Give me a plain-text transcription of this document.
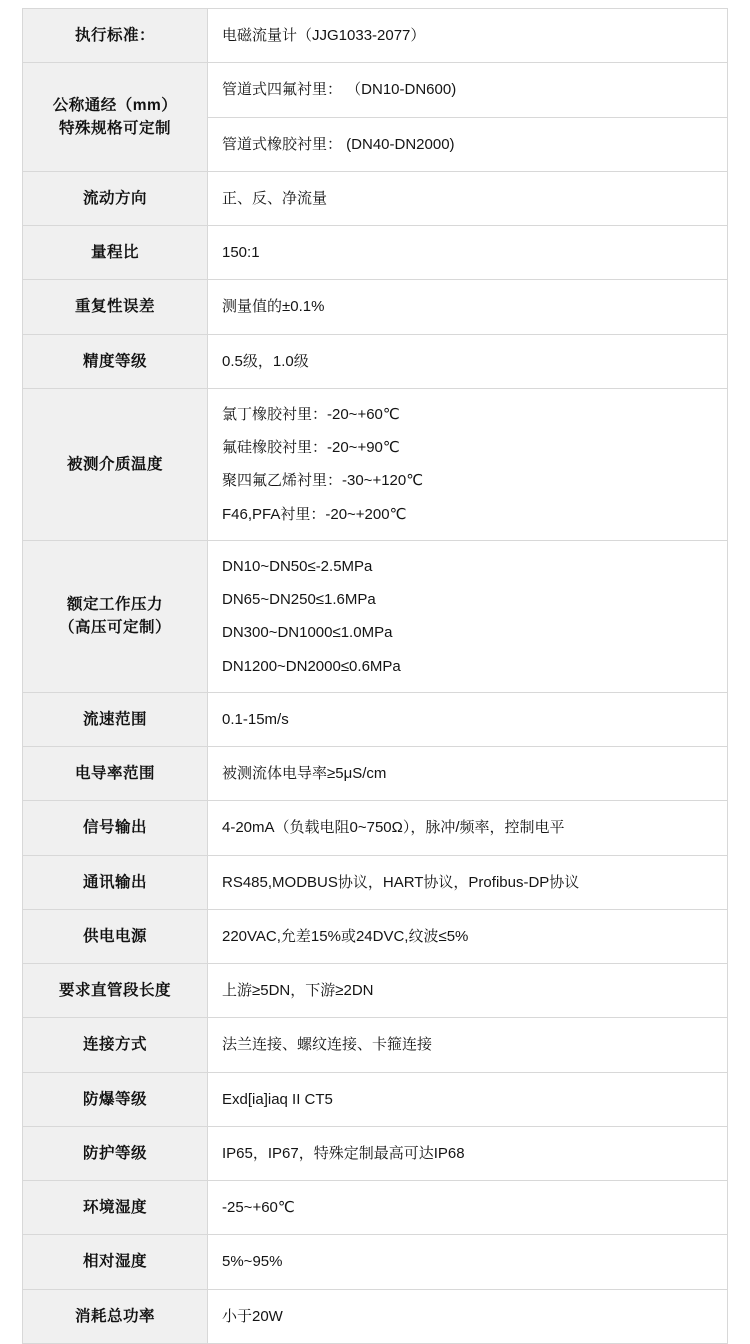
执行标准：	电磁流量计（JJG1033-2077）

公称通经（mm）
特殊规格可定制	管道式四氟衬里： （DN10-DN600)

	管道式橡胶衬里： (DN40-DN2000)

流动方向	正、反、净流量

量程比	150:1

重复性误差	测量值的±0.1%

精度等级	0.5级，1.0级

被测介质温度	氯丁橡胶衬里：-20~+60℃
氟硅橡胶衬里：-20~+90℃
聚四氟乙烯衬里：-30~+120℃
F46,PFA衬里：-20~+200℃

额定工作压力
（高压可定制）	DN10~DN50≤-2.5MPa
DN65~DN250≤1.6MPa
DN300~DN1000≤1.0MPa
DN1200~DN2000≤0.6MPa

流速范围	0.1-15m/s

电导率范围	被测流体电导率≥5μS/cm

信号输出	4-20mA（负载电阻0~750Ω），脉冲/频率，控制电平

通讯输出	RS485,MODBUS协议，HART协议，Profibus-DP协议

供电电源	220VAC,允差15%或24DVC,纹波≤5%

要求直管段长度	上游≥5DN，下游≥2DN

连接方式	法兰连接、螺纹连接、卡箍连接

防爆等级	Exd[ia]iaq II CT5

防护等级	IP65，IP67，特殊定制最高可达IP68

环境湿度	-25~+60℃

相对湿度	5%~95%

消耗总功率	小于20W
